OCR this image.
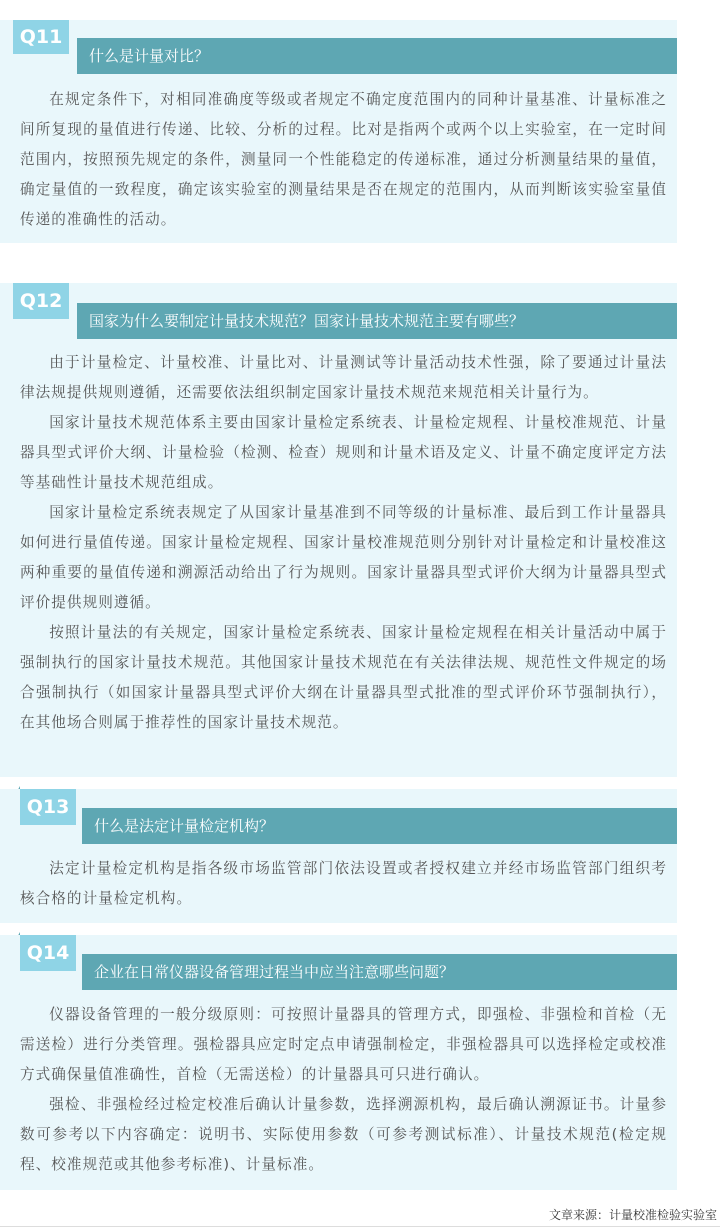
Q11
什么是计量对比？

在规定条件下，对相同准确度等级或者规定不确定度范围内的同种计量基准、计量标准之间所复现的量值进行传递、比较、分析的过程。比对是指两个或两个以上实验室，在一定时间范围内，按照预先规定的条件，测量同一个性能稳定的传递标准，通过分析测量结果的量值，确定量值的一致程度，确定该实验室的测量结果是否在规定的范围内，从而判断该实验室量值传递的准确性的活动。

Q12
国家为什么要制定计量技术规范？国家计量技术规范主要有哪些？

由于计量检定、计量校准、计量比对、计量测试等计量活动技术性强，除了要通过计量法律法规提供规则遵循，还需要依法组织制定国家计量技术规范来规范相关计量行为。

国家计量技术规范体系主要由国家计量检定系统表、计量检定规程、计量校准规范、计量器具型式评价大纲、计量检验（检测、检查）规则和计量术语及定义、计量不确定度评定方法等基础性计量技术规范组成。

国家计量检定系统表规定了从国家计量基准到不同等级的计量标准、最后到工作计量器具如何进行量值传递。国家计量检定规程、国家计量校准规范则分别针对计量检定和计量校准这两种重要的量值传递和溯源活动给出了行为规则。国家计量器具型式评价大纲为计量器具型式评价提供规则遵循。

按照计量法的有关规定，国家计量检定系统表、国家计量检定规程在相关计量活动中属于强制执行的国家计量技术规范。其他国家计量技术规范在有关法律法规、规范性文件规定的场合强制执行（如国家计量器具型式评价大纲在计量器具型式批准的型式评价环节强制执行），在其他场合则属于推荐性的国家计量技术规范。

Q13
什么是法定计量检定机构？

法定计量检定机构是指各级市场监管部门依法设置或者授权建立并经市场监管部门组织考核合格的计量检定机构。

Q14
企业在日常仪器设备管理过程当中应当注意哪些问题？

仪器设备管理的一般分级原则：可按照计量器具的管理方式，即强检、非强检和首检（无需送检）进行分类管理。强检器具应定时定点申请强制检定，非强检器具可以选择检定或校准方式确保量值准确性，首检（无需送检）的计量器具可只进行确认。

强检、非强检经过检定校准后确认计量参数，选择溯源机构，最后确认溯源证书。计量参数可参考以下内容确定：说明书、实际使用参数（可参考测试标准）、计量技术规范(检定规程、校准规范或其他参考标准)、计量标准。

文章来源：计量校准检验实验室
